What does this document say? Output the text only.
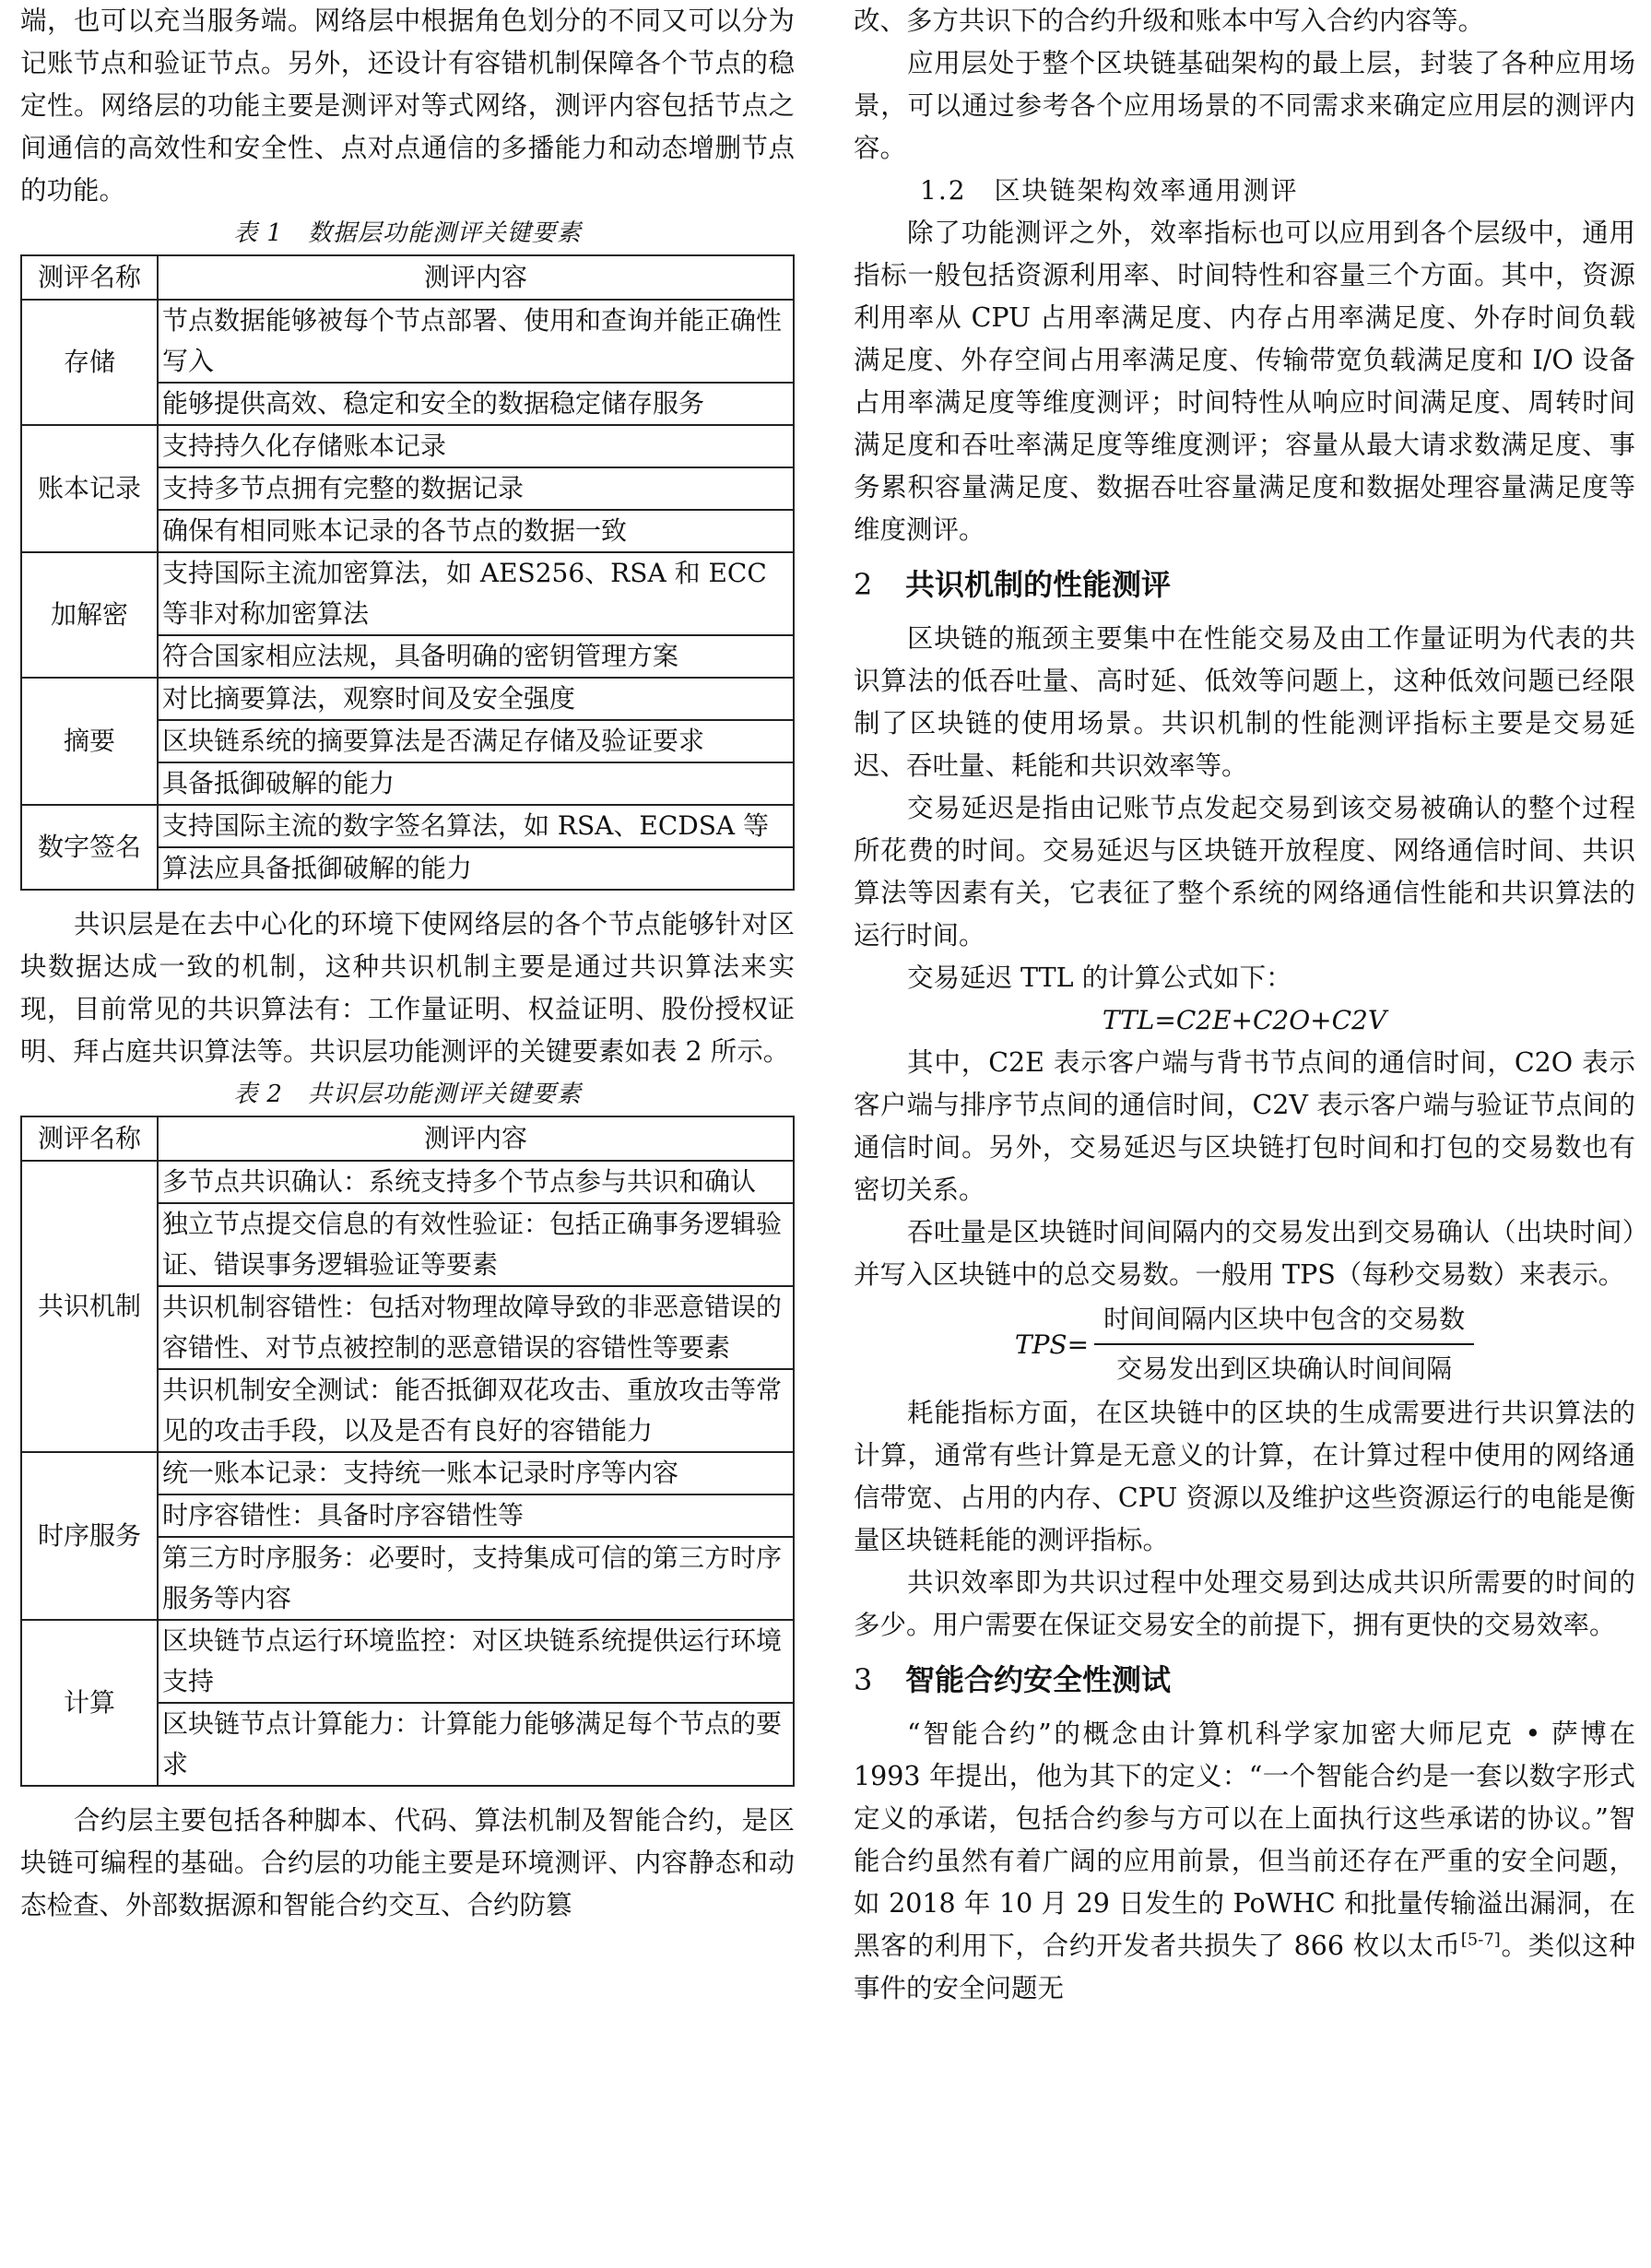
端，也可以充当服务端。网络层中根据角色划分的不同又可以分为记账节点和验证节点。另外，还设计有容错机制保障各个节点的稳定性。网络层的功能主要是测评对等式网络，测评内容包括节点之间通信的高效性和安全性、点对点通信的多播能力和动态增删节点的功能。

表 1　数据层功能测评关键要素
测评名称	测评内容
存储	节点数据能够被每个节点部署、使用和查询并能正确性写入
	能够提供高效、稳定和安全的数据稳定储存服务
账本记录	支持持久化存储账本记录
	支持多节点拥有完整的数据记录
	确保有相同账本记录的各节点的数据一致
加解密	支持国际主流加密算法，如 AES256、RSA 和 ECC 等非对称加密算法
	符合国家相应法规，具备明确的密钥管理方案
摘要	对比摘要算法，观察时间及安全强度
	区块链系统的摘要算法是否满足存储及验证要求
	具备抵御破解的能力
数字签名	支持国际主流的数字签名算法，如 RSA、ECDSA 等
	算法应具备抵御破解的能力

共识层是在去中心化的环境下使网络层的各个节点能够针对区块数据达成一致的机制，这种共识机制主要是通过共识算法来实现，目前常见的共识算法有：工作量证明、权益证明、股份授权证明、拜占庭共识算法等。共识层功能测评的关键要素如表 2 所示。

表 2　共识层功能测评关键要素
测评名称	测评内容
共识机制	多节点共识确认：系统支持多个节点参与共识和确认
	独立节点提交信息的有效性验证：包括正确事务逻辑验证、错误事务逻辑验证等要素
	共识机制容错性：包括对物理故障导致的非恶意错误的容错性、对节点被控制的恶意错误的容错性等要素
	共识机制安全测试：能否抵御双花攻击、重放攻击等常见的攻击手段，以及是否有良好的容错能力
时序服务	统一账本记录：支持统一账本记录时序等内容
	时序容错性：具备时序容错性等
	第三方时序服务：必要时，支持集成可信的第三方时序服务等内容
计算	区块链节点运行环境监控：对区块链系统提供运行环境支持
	区块链节点计算能力：计算能力能够满足每个节点的要求

合约层主要包括各种脚本、代码、算法机制及智能合约，是区块链可编程的基础。合约层的功能主要是环境测评、内容静态和动态检查、外部数据源和智能合约交互、合约防篡

改、多方共识下的合约升级和账本中写入合约内容等。

应用层处于整个区块链基础架构的最上层，封装了各种应用场景，可以通过参考各个应用场景的不同需求来确定应用层的测评内容。

1.2　区块链架构效率通用测评

除了功能测评之外，效率指标也可以应用到各个层级中，通用指标一般包括资源利用率、时间特性和容量三个方面。其中，资源利用率从 CPU 占用率满足度、内存占用率满足度、外存时间负载满足度、外存空间占用率满足度、传输带宽负载满足度和 I/O 设备占用率满足度等维度测评；时间特性从响应时间满足度、周转时间满足度和吞吐率满足度等维度测评；容量从最大请求数满足度、事务累积容量满足度、数据吞吐容量满足度和数据处理容量满足度等维度测评。

2 共识机制的性能测评

区块链的瓶颈主要集中在性能交易及由工作量证明为代表的共识算法的低吞吐量、高时延、低效等问题上，这种低效问题已经限制了区块链的使用场景。共识机制的性能测评指标主要是交易延迟、吞吐量、耗能和共识效率等。

交易延迟是指由记账节点发起交易到该交易被确认的整个过程所花费的时间。交易延迟与区块链开放程度、网络通信时间、共识算法等因素有关，它表征了整个系统的网络通信性能和共识算法的运行时间。

交易延迟 TTL 的计算公式如下：

TTL=C2E+C2O+C2V

其中，C2E 表示客户端与背书节点间的通信时间，C2O 表示客户端与排序节点间的通信时间，C2V 表示客户端与验证节点间的通信时间。另外，交易延迟与区块链打包时间和打包的交易数也有密切关系。

吞吐量是区块链时间间隔内的交易发出到交易确认（出块时间）并写入区块链中的总交易数。一般用 TPS（每秒交易数）来表示。

$TPS= \frac{\text{时间间隔内区块中包含的交易数}}{\text{交易发出到区块确认时间间隔}}$

耗能指标方面，在区块链中的区块的生成需要进行共识算法的计算，通常有些计算是无意义的计算，在计算过程中使用的网络通信带宽、占用的内存、CPU 资源以及维护这些资源运行的电能是衡量区块链耗能的测评指标。

共识效率即为共识过程中处理交易到达成共识所需要的时间的多少。用户需要在保证交易安全的前提下，拥有更快的交易效率。

3 智能合约安全性测试

“智能合约”的概念由计算机科学家加密大师尼克 • 萨博在 1993 年提出，他为其下的定义：“一个智能合约是一套以数字形式定义的承诺，包括合约参与方可以在上面执行这些承诺的协议。”智能合约虽然有着广阔的应用前景，但当前还存在严重的安全问题，如 2018 年 10 月 29 日发生的 PoWHC 和批量传输溢出漏洞，在黑客的利用下，合约开发者共损失了 866 枚以太币[5-7]。类似这种事件的安全问题无
